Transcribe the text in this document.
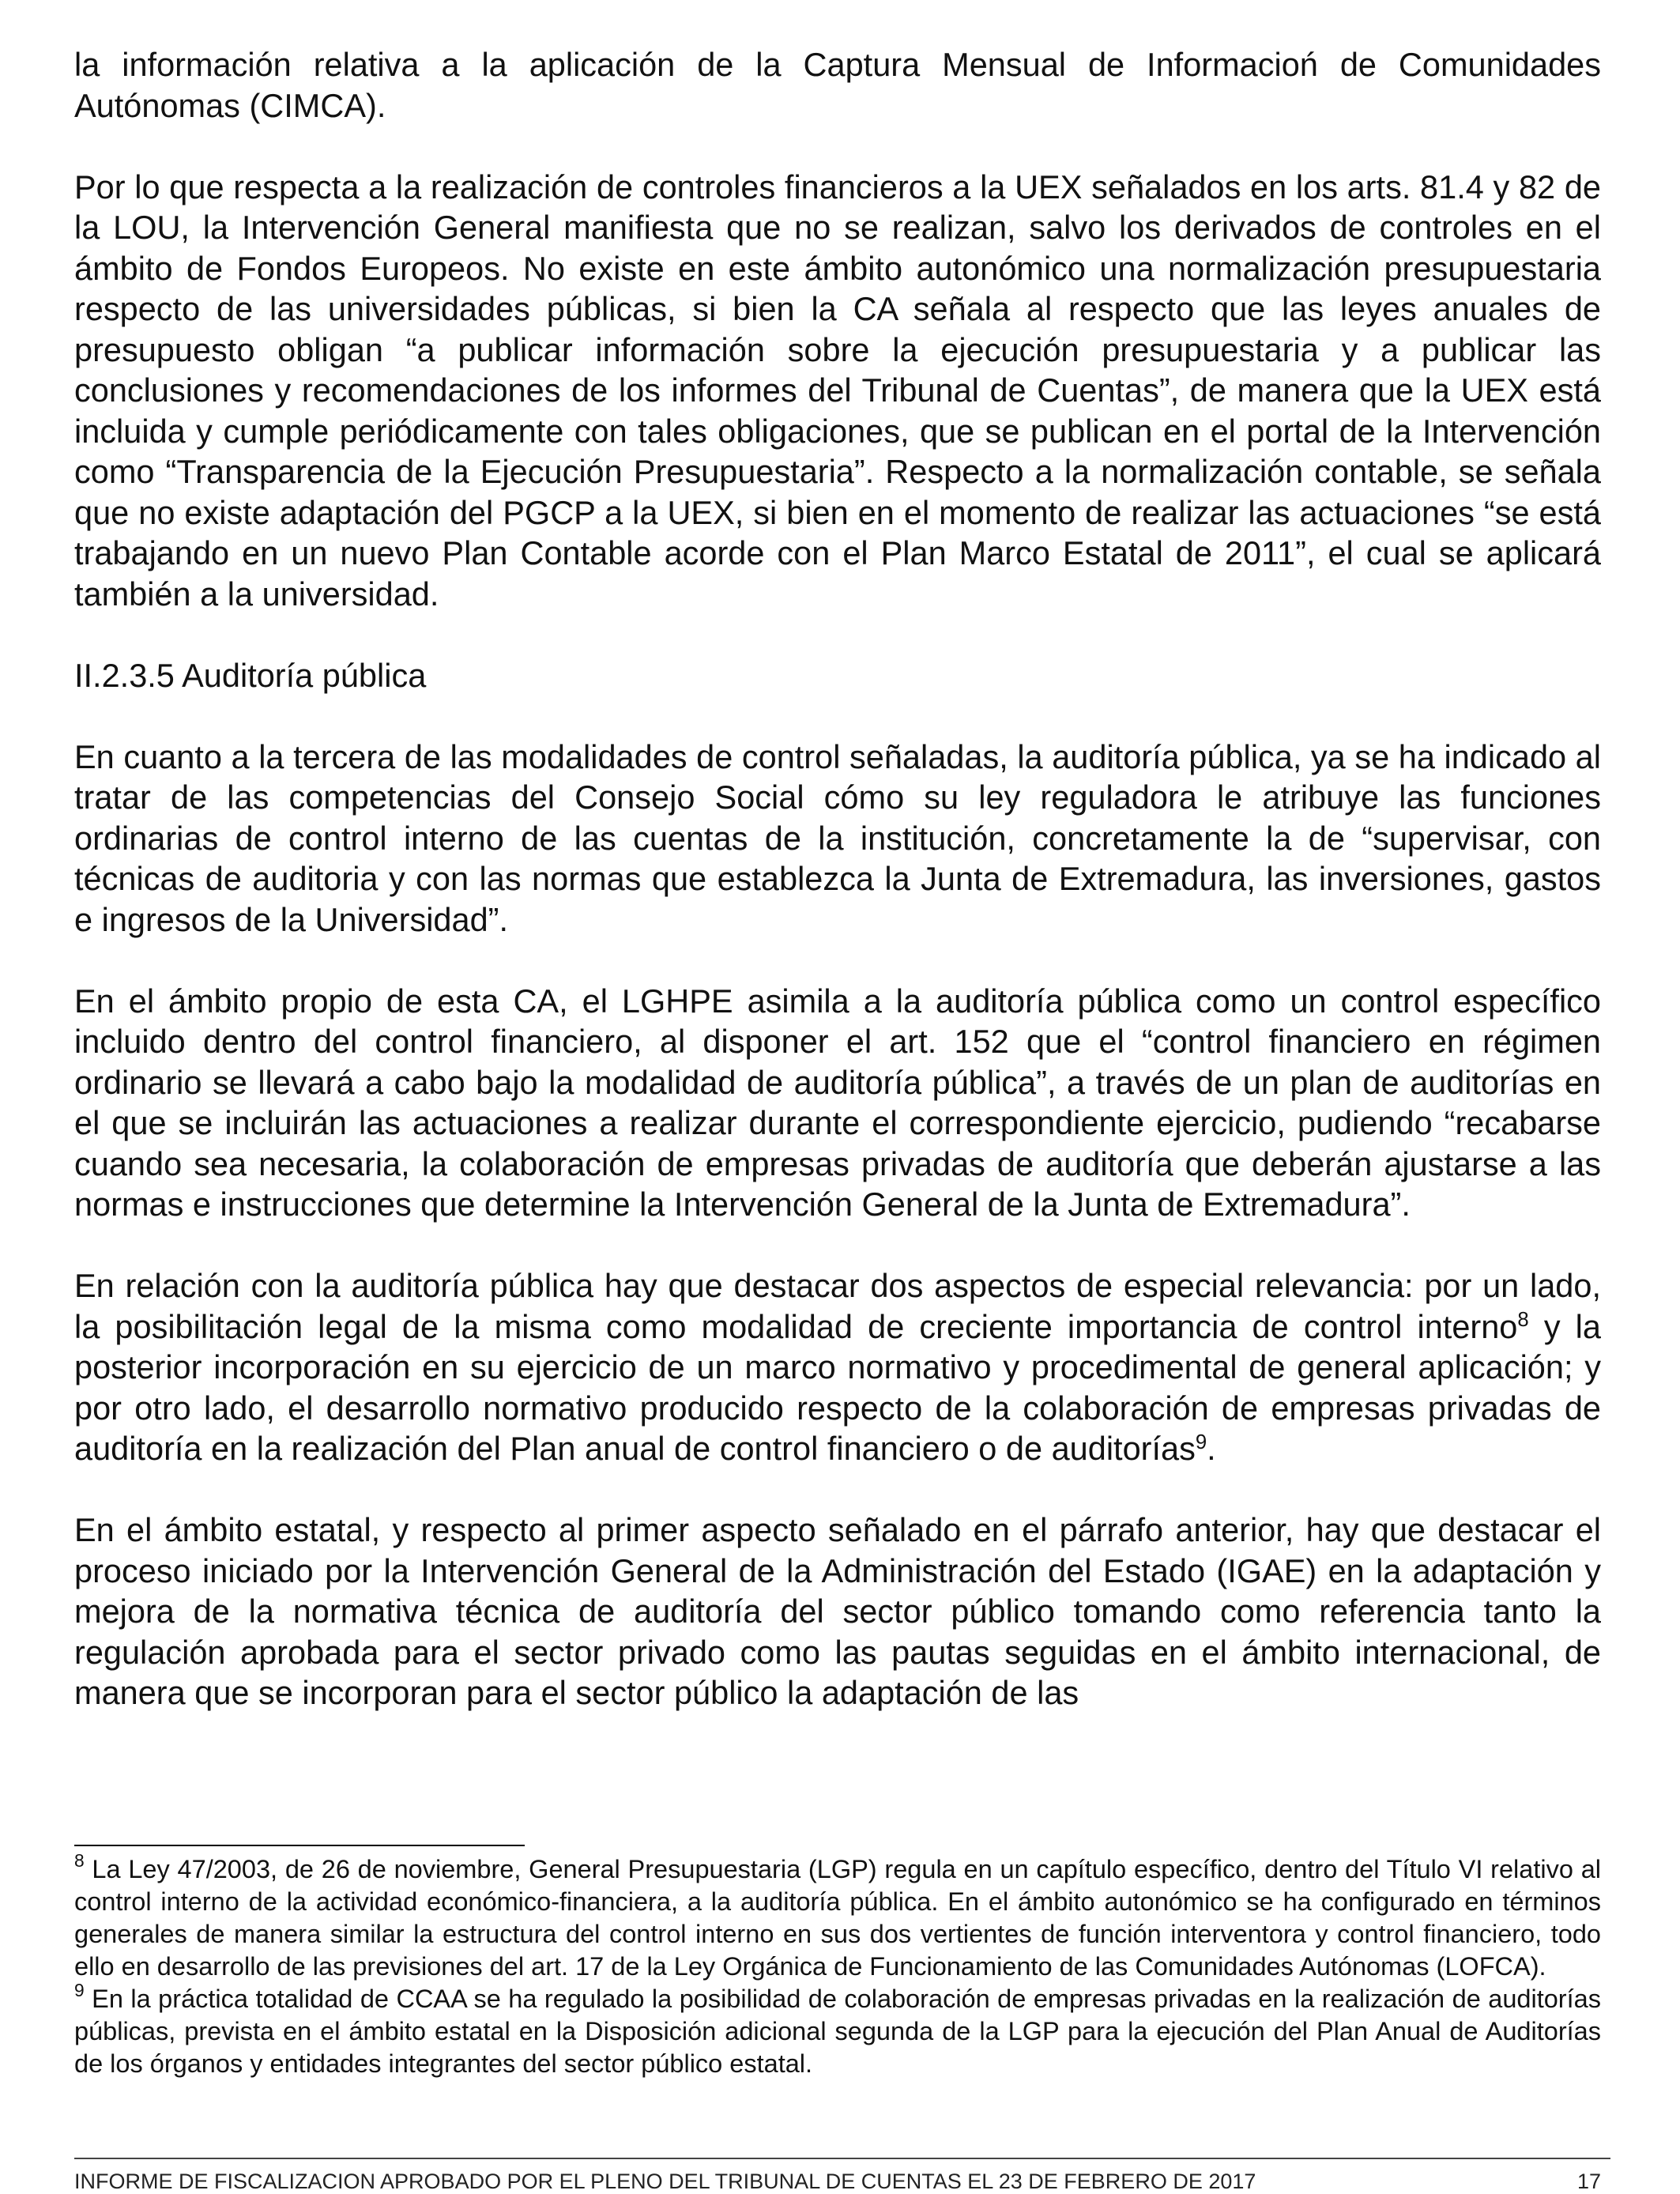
la información relativa a la aplicación de la Captura Mensual de Informacioń de Comunidades Autónomas (CIMCA).

Por lo que respecta a la realización de controles financieros a la UEX señalados en los arts. 81.4 y 82 de la LOU, la Intervención General manifiesta que no se realizan, salvo los derivados de controles en el ámbito de Fondos Europeos. No existe en este ámbito autonómico una normalización presupuestaria respecto de las universidades públicas, si bien la CA señala al respecto que las leyes anuales de presupuesto obligan “a publicar información sobre la ejecución presupuestaria y a publicar las conclusiones y recomendaciones de los informes del Tribunal de Cuentas”, de manera que la UEX está incluida y cumple periódicamente con tales obligaciones, que se publican en el portal de la Intervención como “Transparencia de la Ejecución Presupuestaria”. Respecto a la normalización contable, se señala que no existe adaptación del PGCP a la UEX, si bien en el momento de realizar las actuaciones “se está trabajando en un nuevo Plan Contable acorde con el Plan Marco Estatal de 2011”, el cual se aplicará también a la universidad.

II.2.3.5 Auditoría pública

En cuanto a la tercera de las modalidades de control señaladas, la auditoría pública, ya se ha indicado al tratar de las competencias del Consejo Social cómo su ley reguladora le atribuye las funciones ordinarias de control interno de las cuentas de la institución, concretamente la de “supervisar, con técnicas de auditoria y con las normas que establezca la Junta de Extremadura, las inversiones, gastos e ingresos de la Universidad”.

En el ámbito propio de esta CA, el LGHPE asimila a la auditoría pública como un control específico incluido dentro del control financiero, al disponer el art. 152 que el “control financiero en régimen ordinario se llevará a cabo bajo la modalidad de auditoría pública”, a través de un plan de auditorías en el que se incluirán las actuaciones a realizar durante el correspondiente ejercicio, pudiendo “recabarse cuando sea necesaria, la colaboración de empresas privadas de auditoría que deberán ajustarse a las normas e instrucciones que determine la Intervención General de la Junta de Extremadura”.

En relación con la auditoría pública hay que destacar dos aspectos de especial relevancia: por un lado, la posibilitación legal de la misma como modalidad de creciente importancia de control interno$^8$ y la posterior incorporación en su ejercicio de un marco normativo y procedimental de general aplicación; y por otro lado, el desarrollo normativo producido respecto de la colaboración de empresas privadas de auditoría en la realización del Plan anual de control financiero o de auditorías$^9$.

En el ámbito estatal, y respecto al primer aspecto señalado en el párrafo anterior, hay que destacar el proceso iniciado por la Intervención General de la Administración del Estado (IGAE) en la adaptación y mejora de la normativa técnica de auditoría del sector público tomando como referencia tanto la regulación aprobada para el sector privado como las pautas seguidas en el ámbito internacional, de manera que se incorporan para el sector público la adaptación de las

$^8$ La Ley 47/2003, de 26 de noviembre, General Presupuestaria (LGP) regula en un capítulo específico, dentro del Título VI relativo al control interno de la actividad económico-financiera, a la auditoría pública. En el ámbito autonómico se ha configurado en términos generales de manera similar la estructura del control interno en sus dos vertientes de función interventora y control financiero, todo ello en desarrollo de las previsiones del art. 17 de la Ley Orgánica de Funcionamiento de las Comunidades Autónomas (LOFCA).

$^9$ En la práctica totalidad de CCAA se ha regulado la posibilidad de colaboración de empresas privadas en la realización de auditorías públicas, prevista en el ámbito estatal en la Disposición adicional segunda de la LGP para la ejecución del Plan Anual de Auditorías de los órganos y entidades integrantes del sector público estatal.

INFORME DE FISCALIZACION APROBADO POR EL PLENO DEL TRIBUNAL DE CUENTAS EL 23 DE FEBRERO DE 2017	17
